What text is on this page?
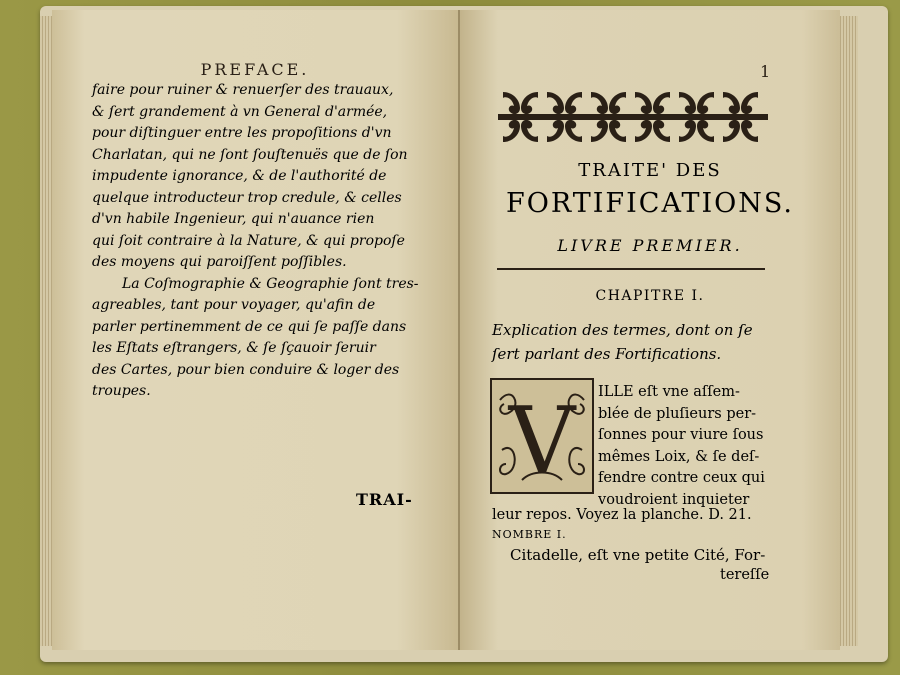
PREFACE.
faire pour ruiner & renuerſer des trauaux,
& ſert grandement à vn General d'armée,
pour diſtinguer entre les propoſitions d'vn
Charlatan, qui ne ſont ſouſtenuës que de ſon
impudente ignorance, & de l'authorité de
quelque introducteur trop credule, & celles
d'vn habile Ingenieur, qui n'auance rien
qui ſoit contraire à la Nature, & qui propoſe
des moyens qui paroiſſent poſſibles.
La Coſmographie & Geographie ſont tres-
agreables, tant pour voyager, qu'afin de
parler pertinemment de ce qui ſe paſſe dans
les Eſtats eſtrangers, & ſe ſçauoir ſeruir
des Cartes, pour bien conduire & loger des
troupes.
TRAI-
1
TRAITE' DES
FORTIFICATIONS.
LIVRE PREMIER.
CHAPITRE I.
Explication des termes, dont on ſe
ſert parlant des Fortifications.
V ILLE eſt vne aſſem-
blée de pluſieurs per-
ſonnes pour viure ſous
mêmes Loix, & ſe deſ-
fendre contre ceux qui
voudroient inquieter
leur repos. Voyez la planche. D. 21.
NOMBRE I.
Citadelle, eſt vne petite Cité, For-
tereſſe
